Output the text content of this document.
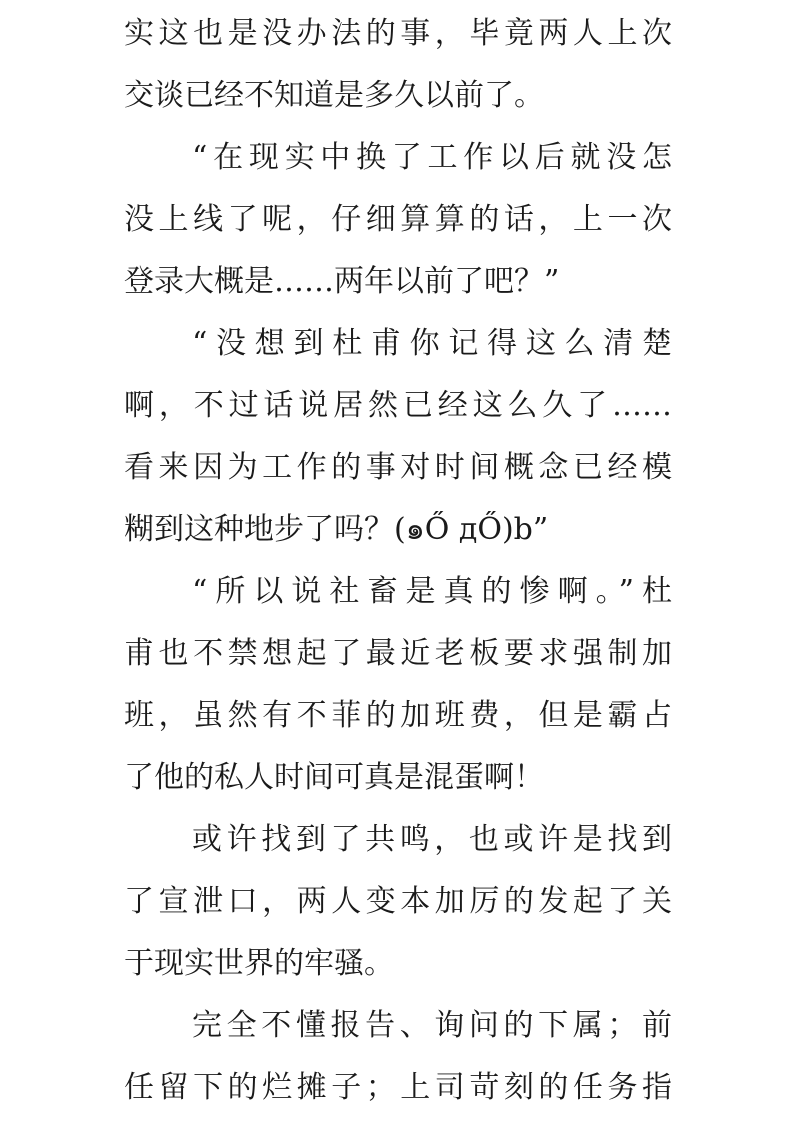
实这也是没办法的事，毕竟两人上次
交谈已经不知道是多久以前了。
“在现实中换了工作以后就没怎
没上线了呢，仔细算算的话，上一次
登录大概是……两年以前了吧？”
“没想到杜甫你记得这么清楚
啊，不过话说居然已经这么久了……
看来因为工作的事对时间概念已经模
糊到这种地步了吗？(๑Ő дŐ)b”
“所以说社畜是真的惨啊。”杜
甫也不禁想起了最近老板要求强制加
班，虽然有不菲的加班费，但是霸占
了他的私人时间可真是混蛋啊！
或许找到了共鸣，也或许是找到
了宣泄口，两人变本加厉的发起了关
于现实世界的牢骚。
完全不懂报告、询问的下属；前
任留下的烂摊子；上司苛刻的任务指
